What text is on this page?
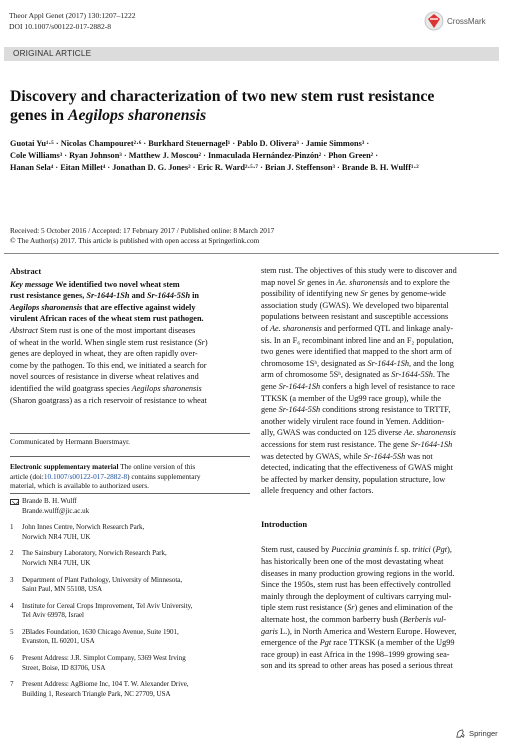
Theor Appl Genet (2017) 130:1207–1222
DOI 10.1007/s00122-017-2882-8
CrossMark
ORIGINAL ARTICLE
Discovery and characterization of two new stem rust resistance
genes in Aegilops sharonensis
Guotai Yu¹·⁵ · Nicolas Champouret²·⁶ · Burkhard Steuernagel¹ · Pablo D. Olivera³ · Jamie Simmons³ ·
Cole Williams³ · Ryan Johnson³ · Matthew J. Moscou² · Inmaculada Hernández-Pinzón² · Phon Green² ·
Hanan Sela⁴ · Eitan Millet⁴ · Jonathan D. G. Jones² · Eric R. Ward²·⁵·⁷ · Brian J. Steffenson³ · Brande B. H. Wulff¹·²
Received: 5 October 2016 / Accepted: 17 February 2017 / Published online: 8 March 2017
© The Author(s) 2017. This article is published with open access at Springerlink.com
Abstract
Key message We identified two novel wheat stem
rust resistance genes, Sr-1644-1Sh and Sr-1644-5Sh in
Aegilops sharonensis that are effective against widely
virulent African races of the wheat stem rust pathogen.
Abstract Stem rust is one of the most important diseases
of wheat in the world. When single stem rust resistance (Sr)
genes are deployed in wheat, they are often rapidly over-
come by the pathogen. To this end, we initiated a search for
novel sources of resistance in diverse wheat relatives and
identified the wild goatgrass species Aegilops sharonensis
(Sharon goatgrass) as a rich reservoir of resistance to wheat
Communicated by Hermann Buerstmayr.
Electronic supplementary material The online version of this
article (doi:10.1007/s00122-017-2882-8) contains supplementary
material, which is available to authorized users.
Brande B. H. Wulff
Brande.wulff@jic.ac.uk
1	John Innes Centre, Norwich Research Park,
Norwich NR4 7UH, UK
2	The Sainsbury Laboratory, Norwich Research Park,
Norwich NR4 7UH, UK
3	Department of Plant Pathology, University of Minnesota,
Saint Paul, MN 55108, USA
4	Institute for Cereal Crops Improvement, Tel Aviv University,
Tel Aviv 69978, Israel
5	2Blades Foundation, 1630 Chicago Avenue, Suite 1901,
Evanston, IL 60201, USA
6	Present Address: J.R. Simplot Company, 5369 West Irving
Street, Boise, ID 83706, USA
7	Present Address: AgBiome Inc, 104 T. W. Alexander Drive,
Building 1, Research Triangle Park, NC 27709, USA
stem rust. The objectives of this study were to discover and
map novel Sr genes in Ae. sharonensis and to explore the
possibility of identifying new Sr genes by genome-wide
association study (GWAS). We developed two biparental
populations between resistant and susceptible accessions
of Ae. sharonensis and performed QTL and linkage analy-
sis. In an F₆ recombinant inbred line and an F₂ population,
two genes were identified that mapped to the short arm of
chromosome 1Sʰ, designated as Sr-1644-1Sh, and the long
arm of chromosome 5Sʰ, designated as Sr-1644-5Sh. The
gene Sr-1644-1Sh confers a high level of resistance to race
TTKSK (a member of the Ug99 race group), while the
gene Sr-1644-5Sh conditions strong resistance to TRTTF,
another widely virulent race found in Yemen. Addition-
ally, GWAS was conducted on 125 diverse Ae. sharonensis
accessions for stem rust resistance. The gene Sr-1644-1Sh
was detected by GWAS, while Sr-1644-5Sh was not
detected, indicating that the effectiveness of GWAS might
be affected by marker density, population structure, low
allele frequency and other factors.
Introduction
Stem rust, caused by Puccinia graminis f. sp. tritici (Pgt),
has historically been one of the most devastating wheat
diseases in many production growing regions in the world.
Since the 1950s, stem rust has been effectively controlled
mainly through the deployment of cultivars carrying mul-
tiple stem rust resistance (Sr) genes and elimination of the
alternate host, the common barberry bush (Berberis vul-
garis L.), in North America and Western Europe. However,
emergence of the Pgt race TTKSK (a member of the Ug99
race group) in east Africa in the 1998–1999 growing sea-
son and its spread to other areas has posed a serious threat
Springer
